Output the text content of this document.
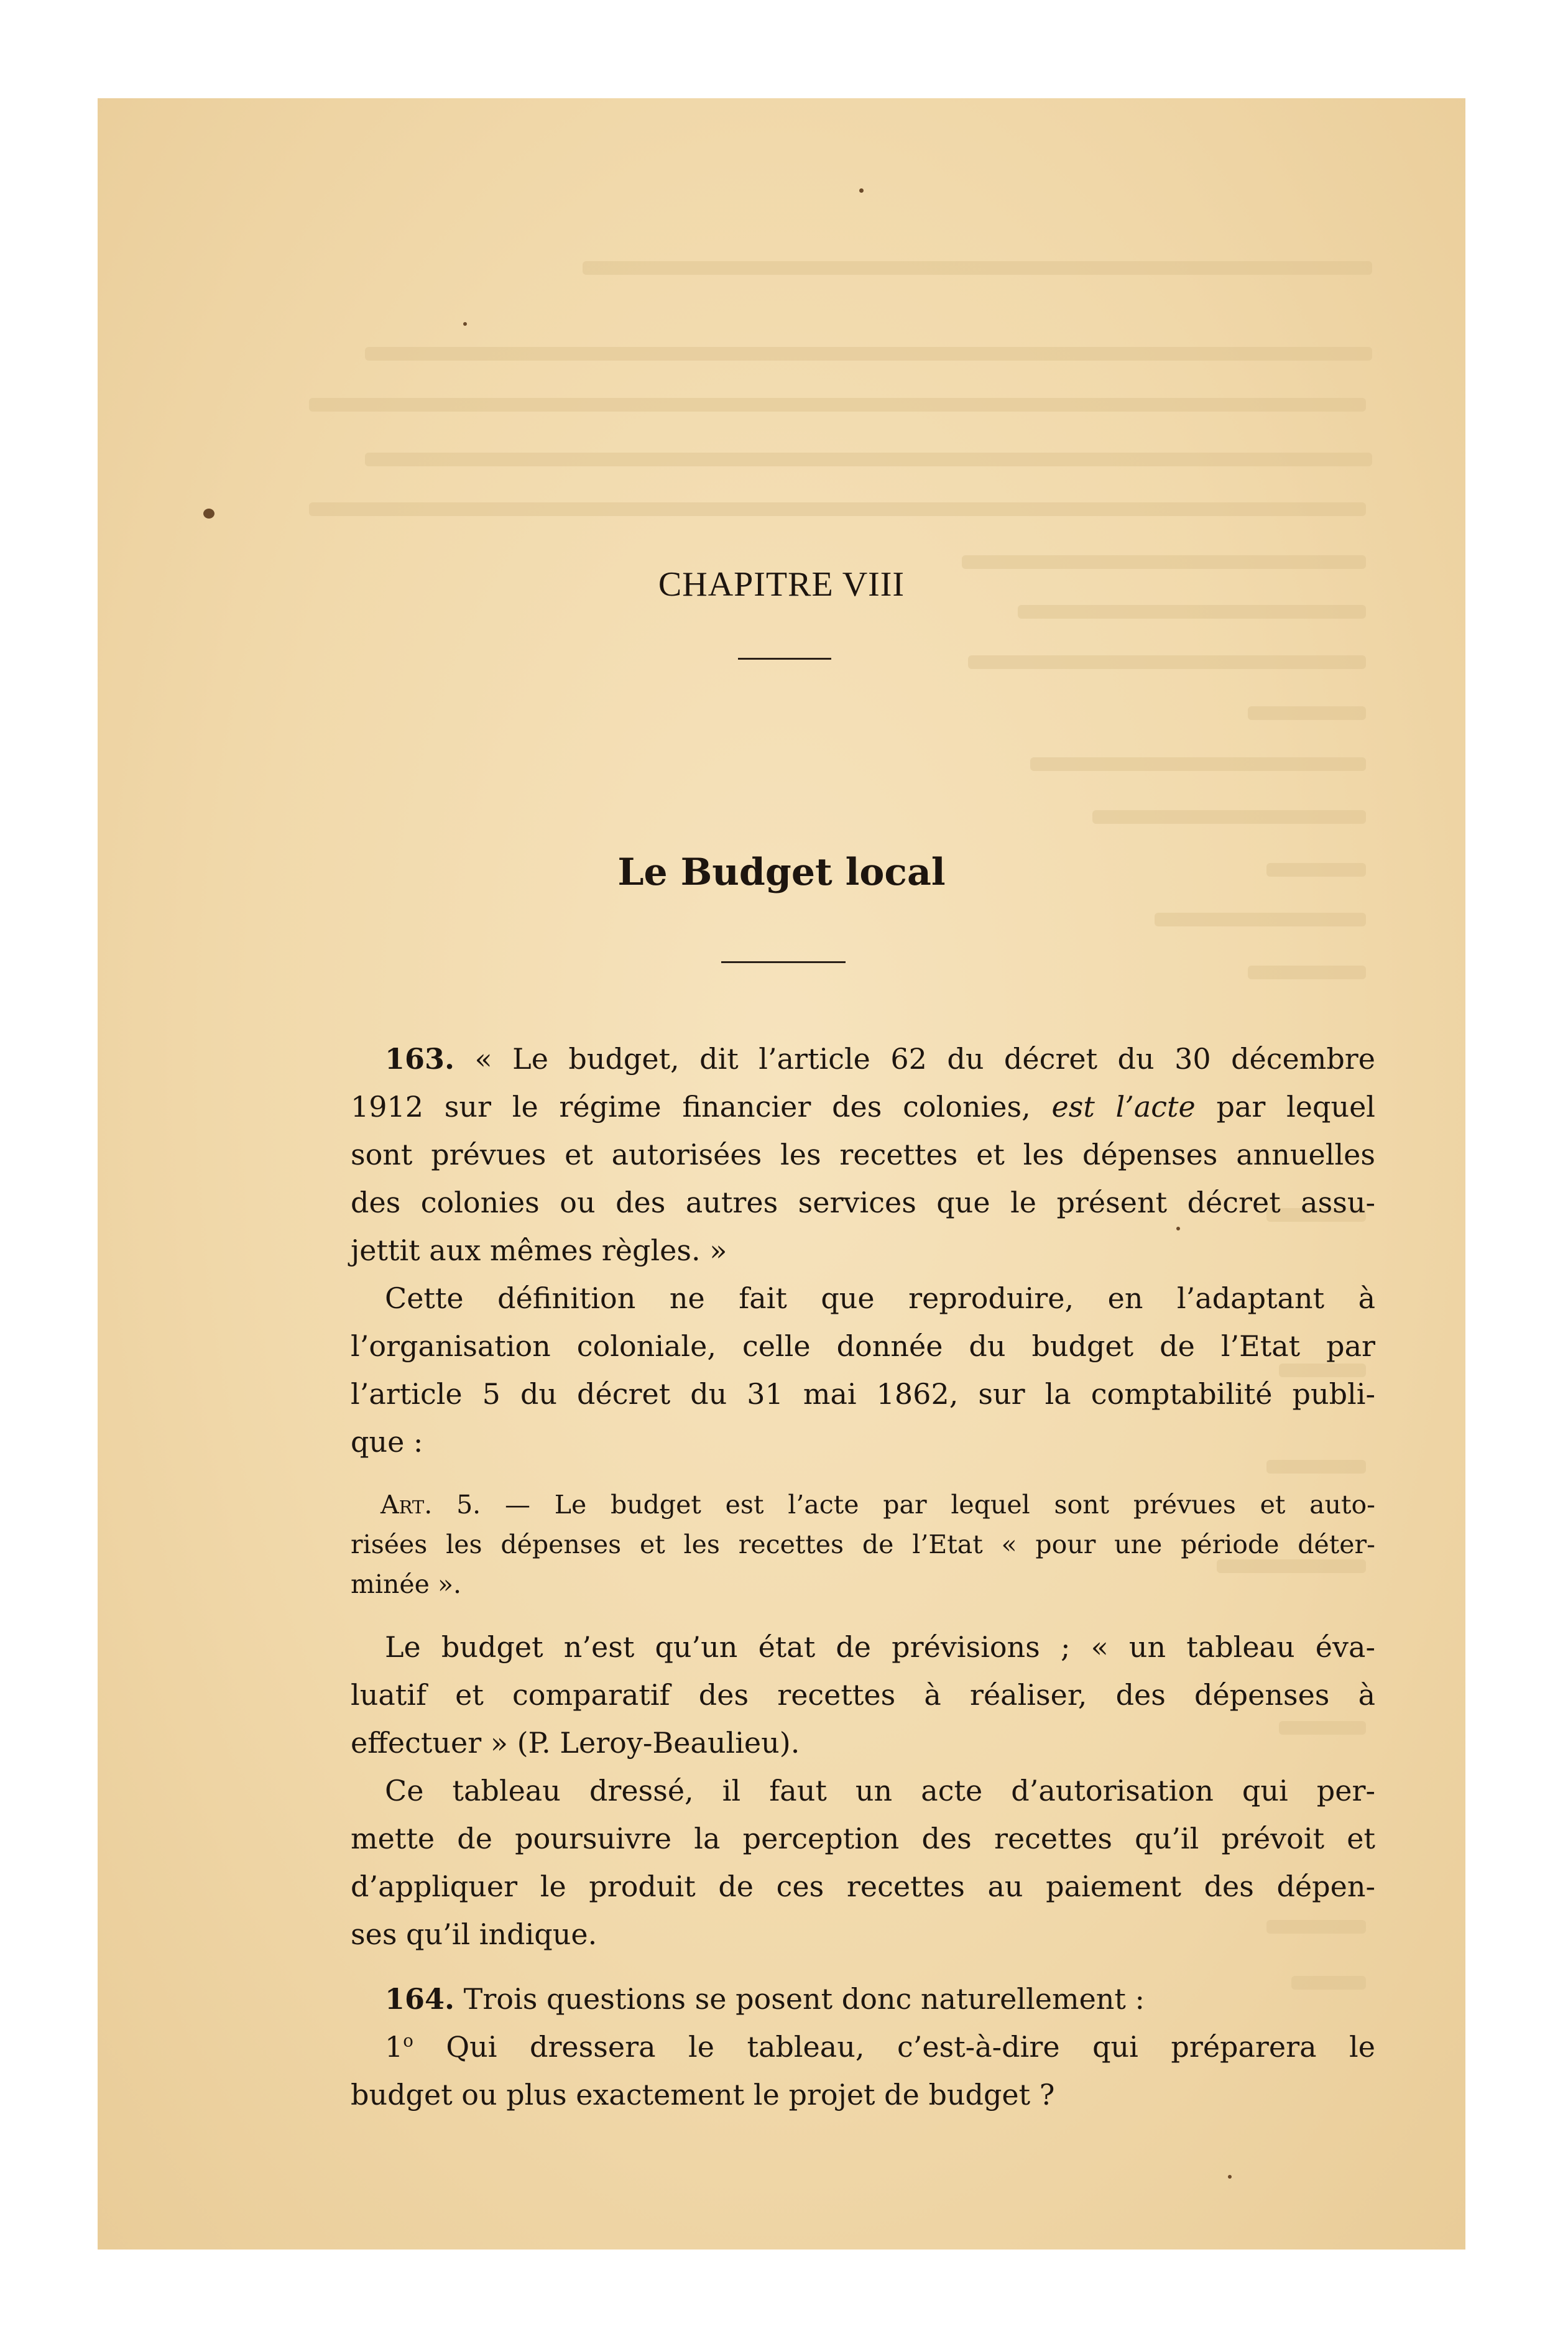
CHAPITRE VIII
Le Budget local
163. « Le budget, dit l’article 62 du décret du 30 décembre
1912 sur le régime financier des colonies, est l’acte par lequel
sont prévues et autorisées les recettes et les dépenses annuelles
des colonies ou des autres services que le présent décret assu-
jettit aux mêmes règles. »
Cette définition ne fait que reproduire, en l’adaptant à
l’organisation coloniale, celle donnée du budget de l’Etat par
l’article 5 du décret du 31 mai 1862, sur la comptabilité publi-
que :
Art. 5. — Le budget est l’acte par lequel sont prévues et auto-
risées les dépenses et les recettes de l’Etat « pour une période déter-
minée ».
Le budget n’est qu’un état de prévisions ; « un tableau éva-
luatif et comparatif des recettes à réaliser, des dépenses à
effectuer » (P. Leroy-Beaulieu).
Ce tableau dressé, il faut un acte d’autorisation qui per-
mette de poursuivre la perception des recettes qu’il prévoit et
d’appliquer le produit de ces recettes au paiement des dépen-
ses qu’il indique.
164. Trois questions se posent donc naturellement :
1$^o$ Qui dressera le tableau, c’est-à-dire qui préparera le
budget ou plus exactement le projet de budget ?
